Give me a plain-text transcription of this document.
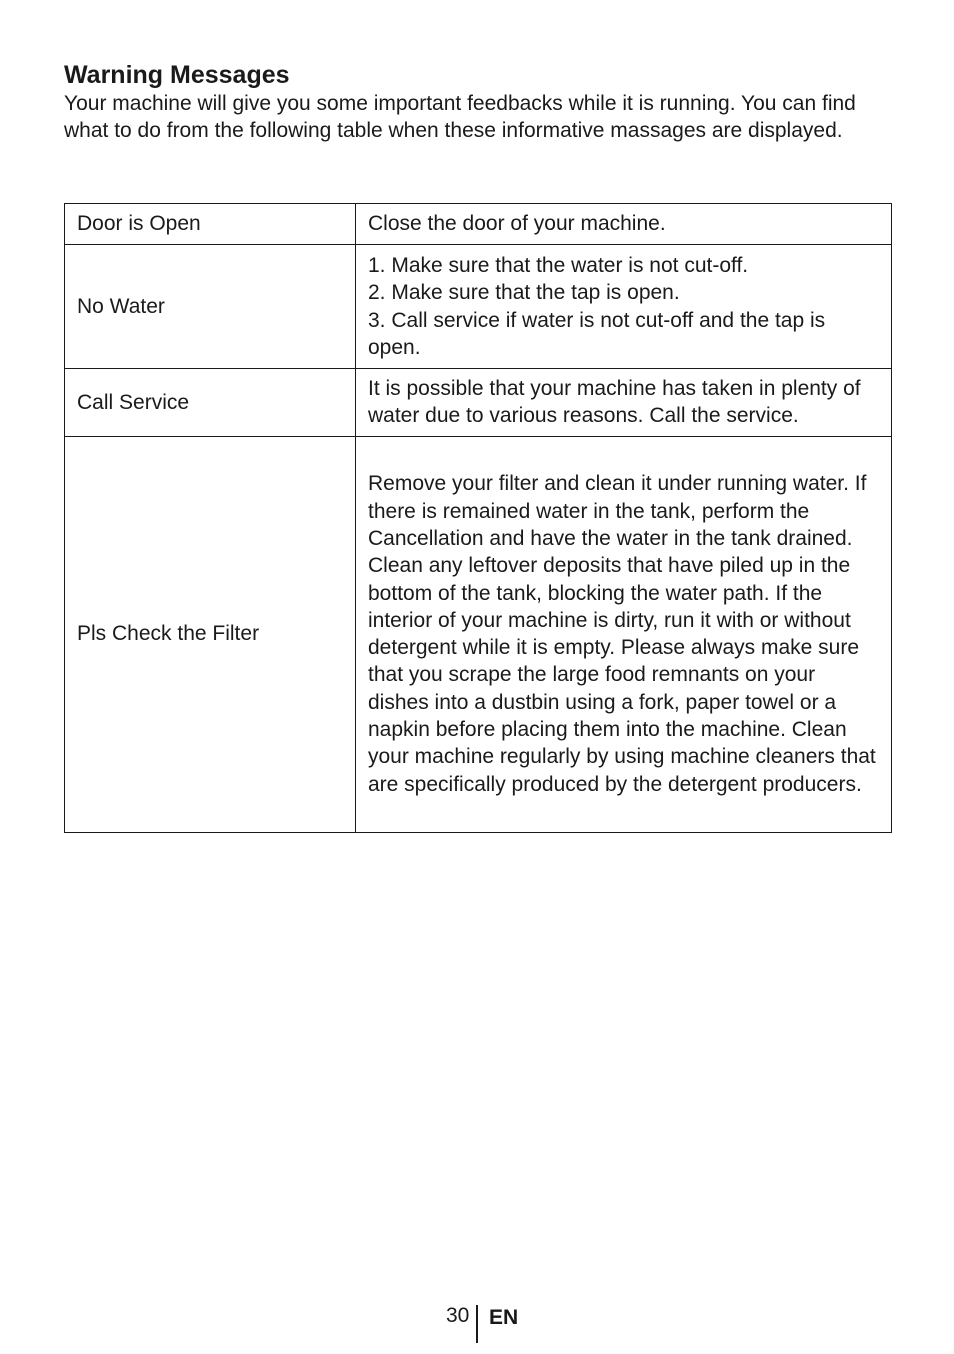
Warning Messages

Your machine will give you some important feedbacks while it is running. You can find what to do from the following table when these informative massages are displayed.

Door is Open	Close the door of your machine.
No Water	1. Make sure that the water is not cut-off.
2. Make sure that the tap is open.
3. Call service if water is not cut-off and the tap is open.

Call Service	It is possible that your machine has taken in plenty of water due to various reasons. Call the service.
Pls Check the Filter	Remove your filter and clean it under running water. If there is remained water in the tank, perform the Cancellation and have the water in the tank drained. Clean any leftover deposits that have piled up in the bottom of the tank, blocking the water path. If the interior of your machine is dirty, run it with or without detergent while it is empty. Please always make sure that you scrape the large food remnants on your dishes into a dustbin using a fork, paper towel or a napkin before placing them into the machine. Clean your machine regularly by using machine cleaners that are specifically produced by the detergent producers.
30 EN
